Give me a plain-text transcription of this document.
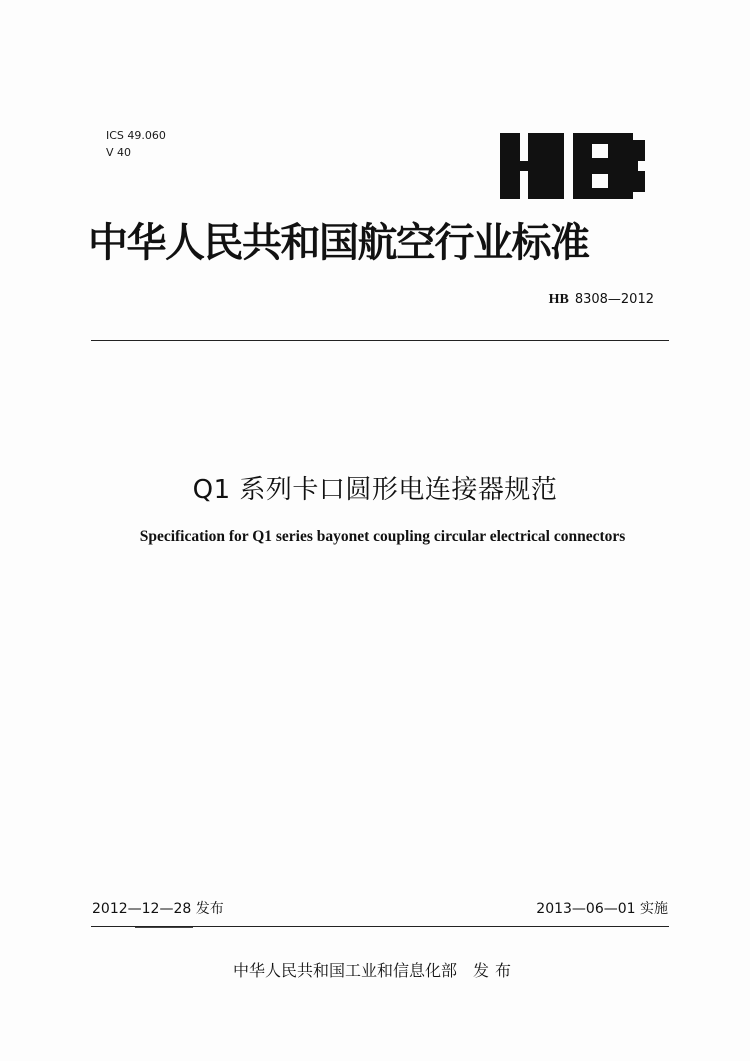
ICS 49.060
V 40
中华人民共和国航空行业标准
HB 8308—2012
Q1 系列卡口圆形电连接器规范
Specification for Q1 series bayonet coupling circular electrical connectors
2012—12—28 发布	2013—06—01 实施
中华人民共和国工业和信息化部 发布
